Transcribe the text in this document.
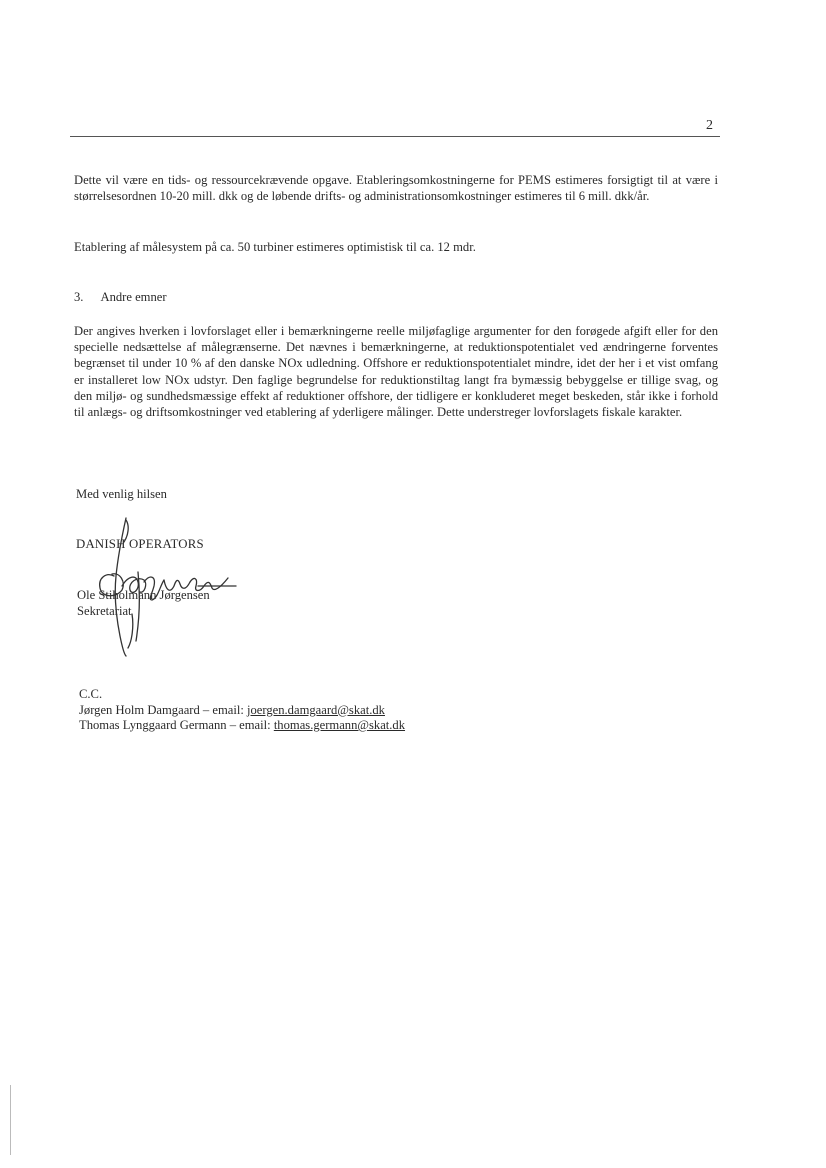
2

Dette vil være en tids- og ressourcekrævende opgave. Etableringsomkostningerne for PEMS estimeres forsigtigt til at være i størrelsesordnen 10-20 mill. dkk og de løbende drifts- og administrationsomkostninger estimeres til 6 mill. dkk/år.

Etablering af målesystem på ca. 50 turbiner estimeres optimistisk til ca. 12 mdr.

3. Andre emner

Der angives hverken i lovforslaget eller i bemærkningerne reelle miljøfaglige argumenter for den forøgede afgift eller for den specielle nedsættelse af målegrænserne. Det nævnes i bemærkningerne, at reduktionspotentialet ved ændringerne forventes begrænset til under 10 % af den danske NOx udledning. Offshore er reduktionspotentialet mindre, idet der her i et vist omfang er installeret low NOx udstyr. Den faglige begrundelse for reduktionstiltag langt fra bymæssig bebyggelse er tillige svag, og den miljø- og sundhedsmæssige effekt af reduktioner offshore, der tidligere er konkluderet meget beskeden, står ikke i forhold til anlægs- og driftsomkostninger ved etablering af yderligere målinger. Dette understreger lovforslagets fiskale karakter.

Med venlig hilsen
DANISH OPERATORS
Ole Stiholmann Jørgensen
Sekretariat
C.C.
Jørgen Holm Damgaard – email: joergen.damgaard@skat.dk
Thomas Lynggaard Germann – email: thomas.germann@skat.dk
